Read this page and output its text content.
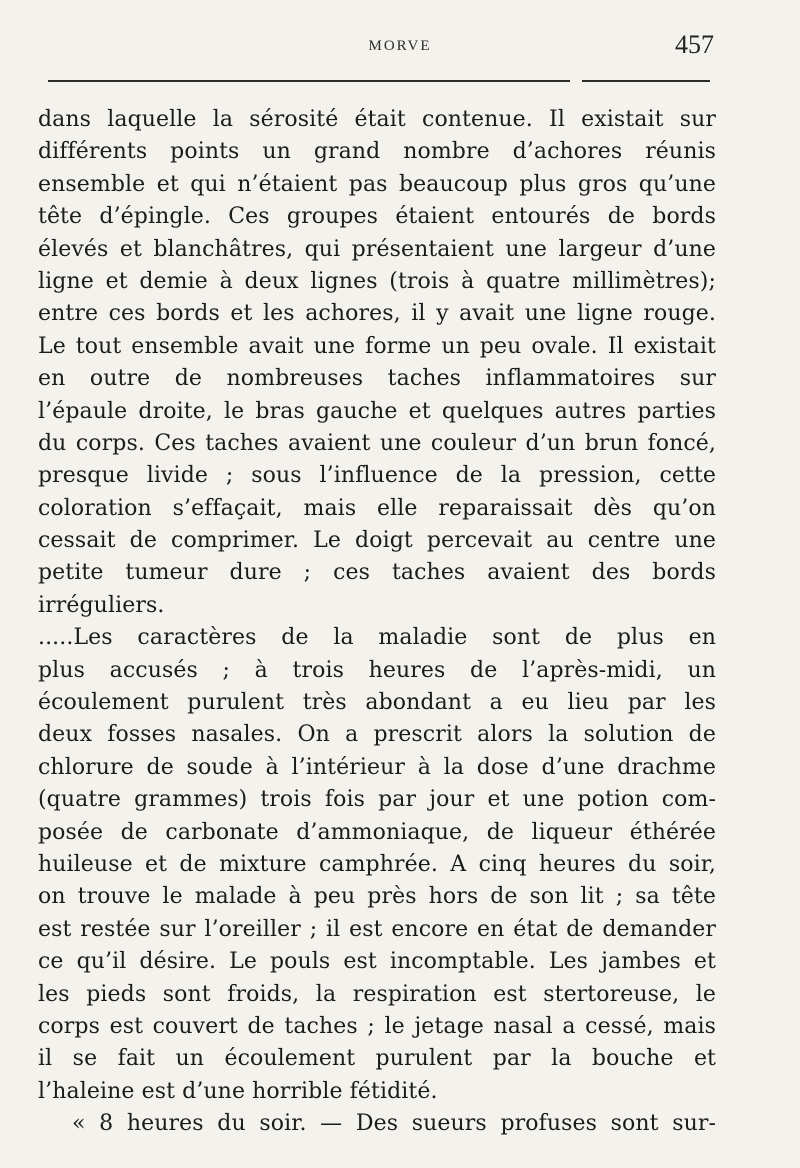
MORVE	457
dans laquelle la sérosité était contenue. Il existait sur
différents points un grand nombre d’achores réunis
ensemble et qui n’étaient pas beaucoup plus gros qu’une
tête d’épingle. Ces groupes étaient entourés de bords
élevés et blanchâtres, qui présentaient une largeur d’une
ligne et demie à deux lignes (trois à quatre millimètres);
entre ces bords et les achores, il y avait une ligne rouge.
Le tout ensemble avait une forme un peu ovale. Il existait
en outre de nombreuses taches inflammatoires sur
l’épaule droite, le bras gauche et quelques autres parties
du corps. Ces taches avaient une couleur d’un brun foncé,
presque livide ; sous l’influence de la pression, cette
coloration s’effaçait, mais elle reparaissait dès qu’on
cessait de comprimer. Le doigt percevait au centre une
petite tumeur dure ; ces taches avaient des bords
irréguliers.
.....Les caractères de la maladie sont de plus en
plus accusés ; à trois heures de l’après-midi, un
écoulement purulent très abondant a eu lieu par les
deux fosses nasales. On a prescrit alors la solution de
chlorure de soude à l’intérieur à la dose d’une drachme
(quatre grammes) trois fois par jour et une potion com-
posée de carbonate d’ammoniaque, de liqueur éthérée
huileuse et de mixture camphrée. A cinq heures du soir,
on trouve le malade à peu près hors de son lit ; sa tête
est restée sur l’oreiller ; il est encore en état de demander
ce qu’il désire. Le pouls est incomptable. Les jambes et
les pieds sont froids, la respiration est stertoreuse, le
corps est couvert de taches ; le jetage nasal a cessé, mais
il se fait un écoulement purulent par la bouche et
l’haleine est d’une horrible fétidité.
« 8 heures du soir. — Des sueurs profuses sont sur-
